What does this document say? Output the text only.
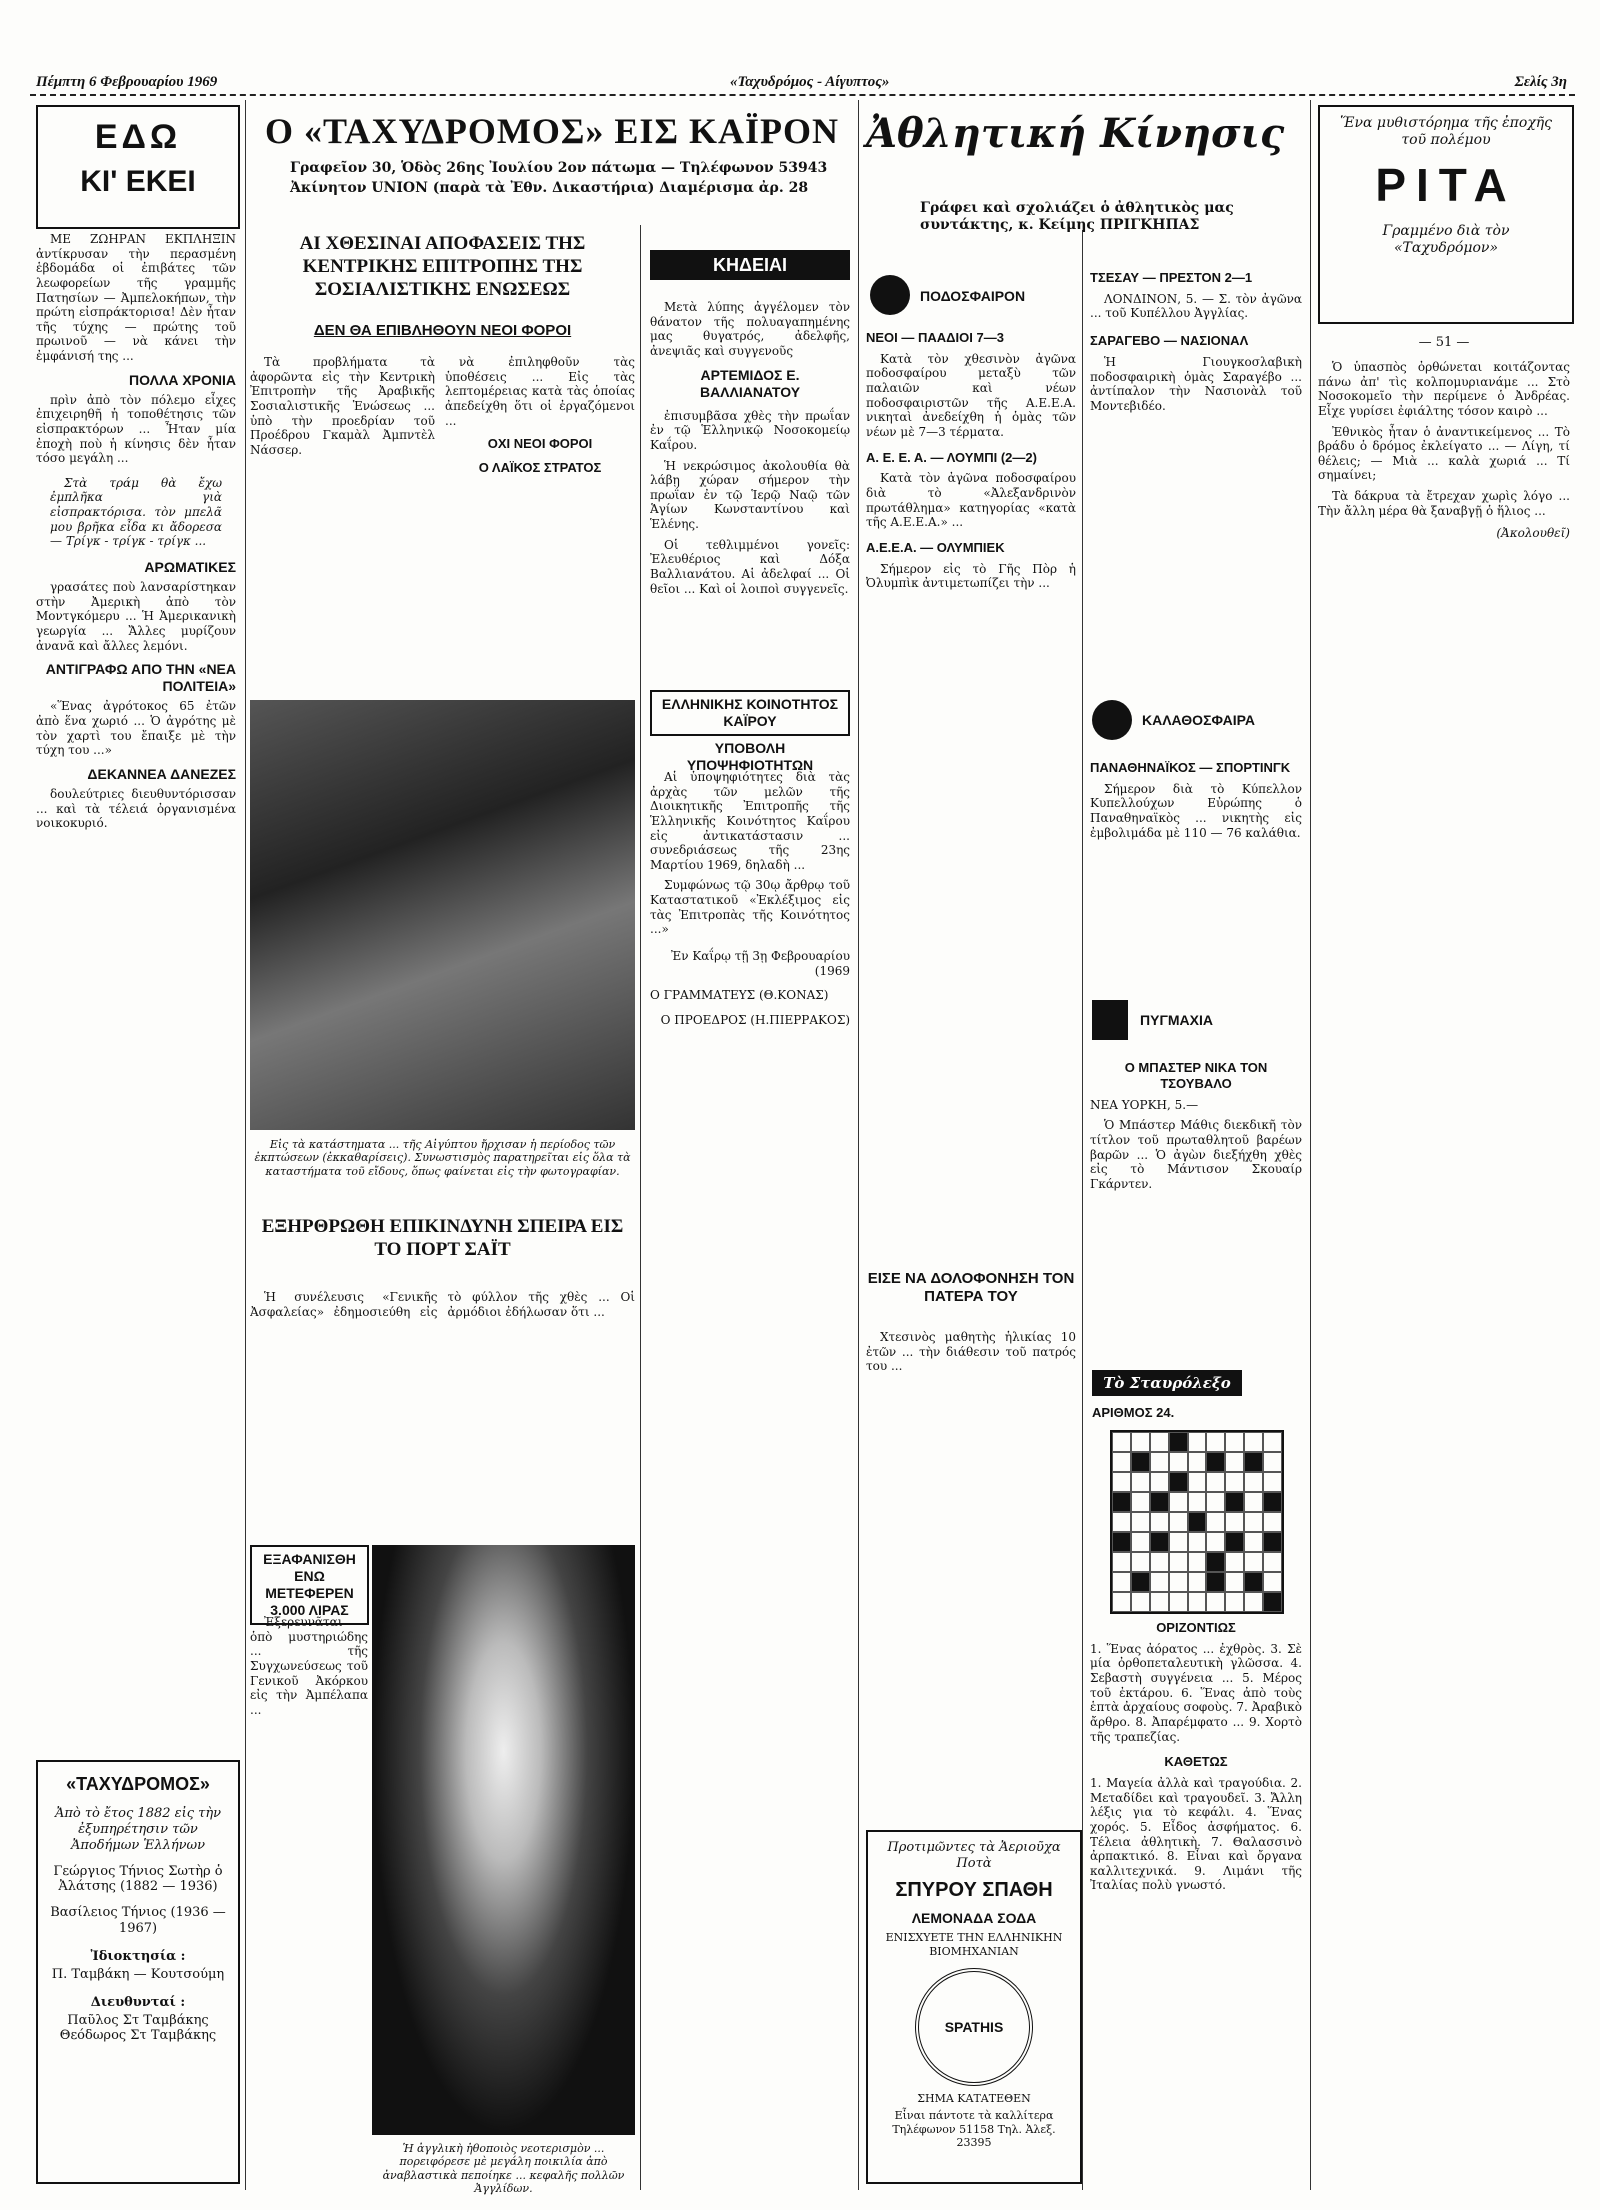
Πέμπτη 6 Φεβρουαρίου 1969	«Ταχυδρόμος - Αίγυπτος»	Σελίς 3η
ΕΔΩ
ΚΙ' ΕΚΕΙ

ΜΕ ΖΩΗΡΑΝ ΕΚΠΛΗΞΙΝ ἀντίκρυσαν τὴν περασμένη ἑβδομάδα οἱ ἐπιβάτες τῶν λεωφορείων τῆς γραμμῆς Πατησίων — Ἀμπελοκήπων, τὴν πρώτη εἰσπράκτορισα! Δὲν ἦταν τῆς τύχης — πρώτης τοῦ πρωινοῦ — νὰ κάνει τὴν ἐμφάνισή της ...

ΠΟΛΛΑ ΧΡΟΝΙΑ

πρὶν ἀπὸ τὸν πόλεμο εἶχες ἐπιχειρηθῆ ἡ τοποθέτησις τῶν εἰσπρακτόρων ... Ἦταν μία ἐποχὴ ποὺ ἡ κίνησις δὲν ἦταν τόσο μεγάλη ...

Στὰ τράμ θὰ ἔχω ἐμπλῆκα γιὰ εἰσπρακτόρισα. τὸν μπελᾶ μου βρῆκα εἶδα κι ἄδορεσα — Τρίγκ - τρίγκ - τρίγκ ...

ΑΡΩΜΑΤΙΚΕΣ

γρασάτες ποὺ λανσαρίστηκαν στὴν Ἀμερικὴ ἀπὸ τὸν Μοντγκόμερυ ... Ἡ Ἀμερικανικὴ γεωργία ... Ἄλλες μυρίζουν ἀνανᾶ καὶ ἄλλες λεμόνι.

ΑΝΤΙΓΡΑΦΩ ΑΠΟ ΤΗΝ «ΝΕΑ ΠΟΛΙΤΕΙΑ»

«Ἕνας ἀγρότοκος 65 ἐτῶν ἀπὸ ἕνα χωριό ... Ὁ ἀγρότης μὲ τὸν χαρτὶ του ἔπαιξε μὲ τὴν τύχη του ...»

ΔΕΚΑΝΝΕΑ ΔΑΝΕΖΕΣ

δουλεύτριες διευθυντόρισσαν ... καὶ τὰ τέλειά ὀργανισμένα νοικοκυριό.

«ΤΑΧΥΔΡΟΜΟΣ»
Ἀπὸ τὸ ἔτος 1882 εἰς τὴν ἐξυπηρέτησιν τῶν Ἀποδήμων Ἑλλήνων
Γεώργιος Τήνιος Σωτὴρ ὁ Ἀλάτσης (1882 — 1936)
Βασίλειος Τήνιος (1936 — 1967)
Ἰδιοκτησία :
Π. Ταμβάκη — Κουτσούμη
Διευθυνταί :
Παῦλος Στ Ταμβάκης Θεόδωρος Στ Ταμβάκης
Ο «ΤΑΧΥΔΡΟΜΟΣ» ΕΙΣ ΚΑΪΡΟΝ
Γραφεῖον 30, Ὁδὸς 26ης Ἰουλίου 2ον πάτωμα — Τηλέφωνον 53943
Ἀκίνητον UNION (παρὰ τὰ Ἐθν. Δικαστήρια) Διαμέρισμα ἀρ. 28
ΑΙ ΧΘΕΣΙΝΑΙ ΑΠΟΦΑΣΕΙΣ ΤΗΣ ΚΕΝΤΡΙΚΗΣ ΕΠΙΤΡΟΠΗΣ ΤΗΣ ΣΟΣΙΑΛΙΣΤΙΚΗΣ ΕΝΩΣΕΩΣ
ΔΕΝ ΘΑ ΕΠΙΒΛΗΘΟΥΝ ΝΕΟΙ ΦΟΡΟΙ

Τὰ προβλήματα τὰ ἀφορῶντα εἰς τὴν Κεντρικὴ Ἐπιτροπὴν τῆς Ἀραβικῆς Σοσιαλιστικῆς Ἑνώσεως ... ὑπὸ τὴν προεδρίαν τοῦ Προέδρου Γκαμὰλ Ἀμπντὲλ Νάσσερ.

νὰ ἐπιληφθοῦν τὰς ὑποθέσεις ... Εἰς τὰς λεπτομέρειας κατὰ τὰς ὁποίας ἀπεδείχθη ὅτι οἱ ἐργαζόμενοι ...

ΟΧΙ ΝΕΟΙ ΦΟΡΟΙ
Ο ΛΑΪΚΟΣ ΣΤΡΑΤΟΣ
Εἰς τὰ κατάστηματα ... τῆς Αἰγύπτου ἤρχισαν ἡ περίοδος τῶν ἐκπτώσεων (ἐκκαθαρίσεις). Συνωστισμὸς παρατηρεῖται εἰς ὅλα τὰ καταστήματα τοῦ εἴδους, ὅπως φαίνεται εἰς τὴν φωτογραφίαν.
ΕΞΗΡΘΡΩΘΗ ΕΠΙΚΙΝΔΥΝΗ ΣΠΕΙΡΑ ΕΙΣ ΤΟ ΠΟΡΤ ΣΑΪΤ

Ἡ συνέλευσις «Γενικῆς Ἀσφαλείας» ἐδημοσιεύθη εἰς τὸ φύλλον τῆς χθὲς ... Οἱ ἀρμόδιοι ἐδήλωσαν ὅτι ...

ΕΞΑΦΑΝΙΣΘΗ ΕΝΩ ΜΕΤΕΦΕΡΕΝ 3.000 ΛΙΡΑΣ

Ἐξερευνᾶται ὁπὸ μυστηριώδης ... τῆς Συγχωνεύσεως τοῦ Γενικοῦ Ἀκόρκου εἰς τὴν Ἀμπέλαπα ...

Ἡ ἀγγλικὴ ἠθοποιὸς νεοτερισμὸν ... πορειφόρεσε μὲ μεγάλη ποικιλία ἀπὸ ἀναβλαστικὰ πεποίηκε ... κεφαλῆς πολλῶν Ἀγγλίδων.
ΚΗΔΕΙΑΙ

Μετὰ λύπης ἀγγέλομεν τὸν θάνατον τῆς πολυαγαπημένης μας θυγατρός, ἀδελφῆς, ἀνεψιᾶς καὶ συγγενοῦς

ΑΡΤΕΜΙΔΟΣ Ε. ΒΑΛΛΙΑΝΑΤΟΥ

ἐπισυμβᾶσα χθὲς τὴν πρωΐαν ἐν τῷ Ἑλληνικῷ Νοσοκομείῳ Καΐρου.

Ἡ νεκρώσιμος ἀκολουθία θὰ λάβῃ χώραν σήμερον τὴν πρωΐαν ἐν τῷ Ἱερῷ Ναῷ τῶν Ἁγίων Κωνσταντίνου καὶ Ἑλένης.

Οἱ τεθλιμμένοι γονεῖς: Ἐλευθέριος καὶ Δόξα Βαλλιανάτου. Αἱ ἀδελφαί ... Οἱ θεῖοι ... Καὶ οἱ λοιποὶ συγγενεῖς.

ΕΛΛΗΝΙΚΗΣ ΚΟΙΝΟΤΗΤΟΣ ΚΑΪΡΟΥ
ΥΠΟΒΟΛΗ ΥΠΟΨΗΦΙΟΤΗΤΩΝ

Αἱ ὑποψηφιότητες διὰ τὰς ἀρχὰς τῶν μελῶν τῆς Διοικητικῆς Ἐπιτροπῆς τῆς Ἑλληνικῆς Κοινότητος Καΐρου εἰς ἀντικατάστασιν ... συνεδριάσεως τῆς 23ης Μαρτίου 1969, δηλαδὴ ...

Συμφώνως τῷ 30ῳ ἄρθρῳ τοῦ Καταστατικοῦ «Ἐκλέξιμος εἰς τὰς Ἐπιτροπὰς τῆς Κοινότητος ...»

Ἐν Καΐρῳ τῇ 3ῃ Φεβρουαρίου (1969
Ο ΓΡΑΜΜΑΤΕΥΣ (Θ.ΚΟΝΑΣ)
Ο ΠΡΟΕΔΡΟΣ (Η.ΠΙΕΡΡΑΚΟΣ)
Ἀθλητική Κίνησις
Γράφει καὶ σχολιάζει ὁ ἀθλητικὸς μας συντάκτης, κ. Κείμης ΠΡΙΓΚΗΠΑΣ
ΠΟΔΟΣΦΑΙΡΟΝ
ΝΕΟΙ — ΠΑΑΔΙΟΙ 7—3

Κατὰ τὸν χθεσινὸν ἀγῶνα ποδοσφαίρου μεταξὺ τῶν παλαιῶν καὶ νέων ποδοσφαιριστῶν τῆς Α.Ε.Ε.Α. νικηταὶ ἀνεδείχθη ἡ ὁμὰς τῶν νέων μὲ 7—3 τέρματα.

Α. Ε. Ε. Α. — ΛΟΥΜΠΙ (2—2)

Κατὰ τὸν ἀγῶνα ποδοσφαίρου διὰ τὸ «Ἀλεξανδρινὸν πρωτάθλημα» κατηγορίας «κατὰ τῆς Α.Ε.Ε.Α.» ...

Α.Ε.Ε.Α. — ΟΛΥΜΠΙΕΚ

Σήμερον εἰς τὸ Γῆς Πὸρ ἡ Ὀλυμπὶκ ἀντιμετωπίζει τὴν ...

ΕΙΣΕ ΝΑ ΔΟΛΟΦΟΝΗΣΗ ΤΟΝ ΠΑΤΕΡΑ ΤΟΥ

Χτεσινὸς μαθητὴς ἡλικίας 10 ἐτῶν ... τὴν διάθεσιν τοῦ πατρός του ...

Προτιμῶντες τὰ Ἀεριοῦχα Ποτὰ
ΣΠΥΡΟΥ ΣΠΑΘΗ
ΛΕΜΟΝΑΔΑ ΣΟΔΑ
ΕΝΙΣΧΥΕΤΕ ΤΗΝ ΕΛΛΗΝΙΚΗΝ ΒΙΟΜΗΧΑΝΙΑΝ
SPATHIS
ΣΗΜΑ ΚΑΤΑΤΕΘΕΝ
Εἶναι πάντοτε τὰ καλλίτερα Τηλέφωνον 51158 Τηλ. Ἀλεξ. 23395
ΤΣΕΣΑΥ — ΠΡΕΣΤΟΝ 2—1

ΛΟΝΔΙΝΟΝ, 5. — Σ. τὸν ἀγῶνα ... τοῦ Κυπέλλου Ἀγγλίας.

ΣΑΡΑΓΕΒΟ — ΝΑΣΙΟΝΑΛ

Ἡ Γιουγκοσλαβικὴ ποδοσφαιρικὴ ὁμὰς Σαραγέβο ... ἀντίπαλον τὴν Νασιονὰλ τοῦ Μοντεβιδέο.

ΚΑΛΑΘΟΣΦΑΙΡΑ
ΠΑΝΑΘΗΝΑΪΚΟΣ — ΣΠΟΡΤΙΝΓΚ

Σήμερον διὰ τὸ Κύπελλον Κυπελλούχων Εὐρώπης ὁ Παναθηναϊκὸς ... νικητὴς εἰς ἐμβολιμάδα μὲ 110 — 76 καλάθια.

ΠΥΓΜΑΧΙΑ
Ο ΜΠΑΣΤΕΡ ΝΙΚΑ ΤΟΝ ΤΣΟΥΒΑΛΟ
ΝΕΑ ΥΟΡΚΗ, 5.—

Ὁ Μπάστερ Μάθις διεκδικῆ τὸν τίτλον τοῦ πρωταθλητοῦ βαρέων βαρῶν ... Ὁ ἀγὼν διεξήχθη χθὲς εἰς τὸ Μάντισον Σκουαίρ Γκάρντεν.

Τὸ Σταυρόλεξο
ΑΡΙΘΜΟΣ 24.
ΟΡΙΖΟΝΤΙΩΣ

1. Ἕνας ἀόρατος ... ἐχθρὸς. 3. Σὲ μία ὀρθοπεταλευτικὴ γλῶσσα. 4. Σεβαστὴ συγγένεια ... 5. Μέρος τοῦ ἐκτάρου. 6. Ἕνας ἀπὸ τοὺς ἑπτὰ ἀρχαίους σοφοὺς. 7. Ἀραβικὸ ἄρθρο. 8. Ἀπαρέμφατο ... 9. Χορτὸ τῆς τραπεζίας.

ΚΑΘΕΤΩΣ

1. Μαγεία ἀλλὰ καὶ τραγούδια. 2. Μεταδίδει καὶ τραγουδεῖ. 3. Ἄλλη λέξις για τὸ κεφάλι. 4. Ἕνας χορός. 5. Εἶδος ἀσφήματος. 6. Τέλεια ἀθλητικὴ. 7. Θαλασσινὸ ἀρπακτικό. 8. Εἶναι καὶ ὄργανα καλλιτεχνικά. 9. Λιμάνι τῆς Ἰταλίας πολὺ γνωστό.

Ἕνα μυθιστόρημα τῆς ἐποχῆς τοῦ πολέμου
ΡΙΤΑ
Γραμμένο διὰ τὸν «Ταχυδρόμον»
— 51 —

Ὁ ὑπασπὸς ὀρθώνεται κοιτάζοντας πάνω ἀπ' τὶς κολπομυριανάμε ... Στὸ Νοσοκομεῖο τὴν περίμενε ὁ Ἀνδρέας. Εἶχε γυρίσει ἐφιάλτης τόσον καιρὸ ...

Ἐθνικὸς ἦταν ὁ ἀναντικείμενος ... Τὸ βράδυ ὁ δρόμος ἐκλείγατο ... — Λίγη, τί θέλεις; — Μιὰ ... καλὰ χωριά ... Τί σημαίνει;

Τὰ δάκρυα τὰ ἔτρεχαν χωρὶς λόγο ... Τὴν ἄλλη μέρα θὰ ξαναβγῇ ὁ ἥλιος ...

(Ἀκολουθεῖ)
